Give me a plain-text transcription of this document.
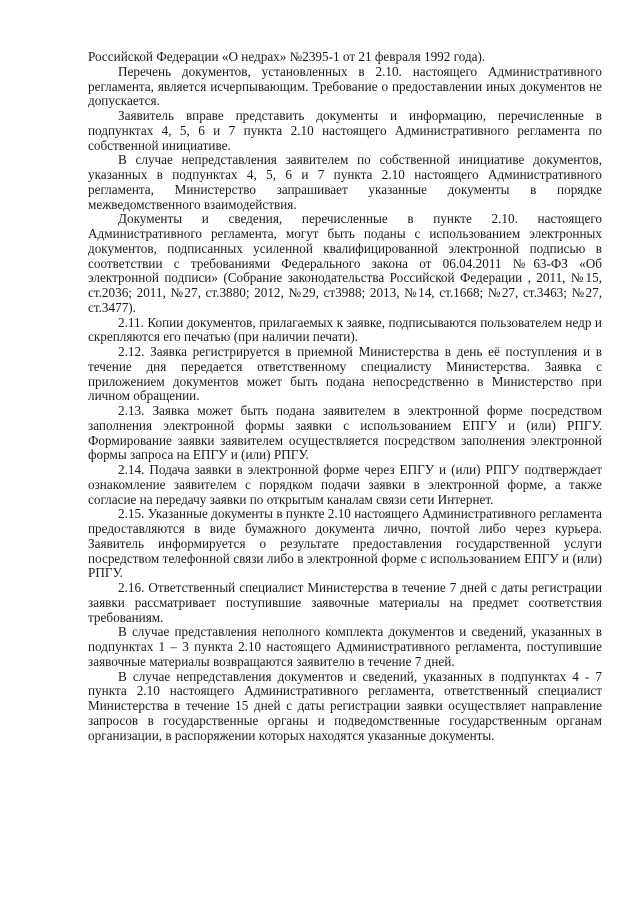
Российской Федерации «О недрах» №2395-1 от 21 февраля 1992 года).

Перечень документов, установленных в 2.10. настоящего Административного регламента, является исчерпывающим. Требование о предоставлении иных документов не допускается.

Заявитель вправе представить документы и информацию, перечисленные в подпунктах 4, 5, 6 и 7 пункта 2.10 настоящего Административного регламента по собственной инициативе.

В случае непредставления заявителем по собственной инициативе документов, указанных в подпунктах 4, 5, 6 и 7 пункта 2.10 настоящего Административного регламента, Министерство запрашивает указанные документы в порядке межведомственного взаимодействия.

Документы и сведения, перечисленные в пункте 2.10. настоящего Административного регламента, могут быть поданы с использованием электронных документов, подписанных усиленной квалифицированной электронной подписью в соответствии с требованиями Федерального закона от 06.04.2011 №63-ФЗ «Об электронной подписи» (Собрание законодательства Российской Федерации , 2011, №15, ст.2036; 2011, №27, ст.3880; 2012, №29, ст3988; 2013, №14, ст.1668; №27, ст.3463; №27, ст.3477).

2.11. Копии документов, прилагаемых к заявке, подписываются пользователем недр и скрепляются его печатью (при наличии печати).

2.12. Заявка регистрируется в приемной Министерства в день её поступления и в течение дня передается ответственному специалисту Министерства. Заявка с приложением документов может быть подана непосредственно в Министерство при личном обращении.

2.13. Заявка может быть подана заявителем в электронной форме посредством заполнения электронной формы заявки с использованием ЕПГУ и (или) РПГУ. Формирование заявки заявителем осуществляется посредством заполнения электронной формы запроса на ЕПГУ и (или) РПГУ.

2.14. Подача заявки в электронной форме через ЕПГУ и (или) РПГУ подтверждает ознакомление заявителем с порядком подачи заявки в электронной форме, а также согласие на передачу заявки по открытым каналам связи сети Интернет.

2.15. Указанные документы в пункте 2.10 настоящего Административного регламента предоставляются в виде бумажного документа лично, почтой либо через курьера. Заявитель информируется о результате предоставления государственной услуги посредством телефонной связи либо в электронной форме с использованием ЕПГУ и (или) РПГУ.

2.16. Ответственный специалист Министерства в течение 7 дней с даты регистрации заявки рассматривает поступившие заявочные материалы на предмет соответствия требованиям.

В случае представления неполного комплекта документов и сведений, указанных в подпунктах 1 – 3 пункта 2.10 настоящего Административного регламента, поступившие заявочные материалы возвращаются заявителю в течение 7 дней.

В случае непредставления документов и сведений, указанных в подпунктах 4 - 7 пункта 2.10 настоящего Административного регламента, ответственный специалист Министерства в течение 15 дней с даты регистрации заявки осуществляет направление запросов в государственные органы и подведомственные государственным органам организации, в распоряжении которых находятся указанные документы.
